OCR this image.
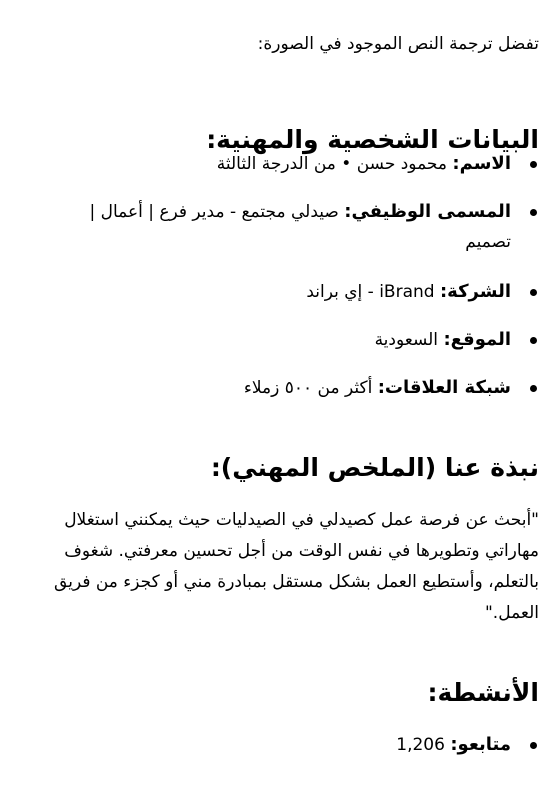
تفضل ترجمة النص الموجود في الصورة:

البيانات الشخصية والمهنية:
الاسم: محمود حسن • من الدرجة الثالثة
المسمى الوظيفي: صيدلي مجتمع - مدير فرع | أعمال | تصميم
الشركة: iBrand - إي براند
الموقع: السعودية
شبكة العلاقات: أكثر من ٥٠٠ زملاء
نبذة عنا (الملخص المهني):

"أبحث عن فرصة عمل كصيدلي في الصيدليات حيث يمكنني استغلال مهاراتي وتطويرها في نفس الوقت من أجل تحسين معرفتي. شغوف بالتعلم، وأستطيع العمل بشكل مستقل بمبادرة مني أو كجزء من فريق العمل."

الأنشطة:
متابعو: 1,206
